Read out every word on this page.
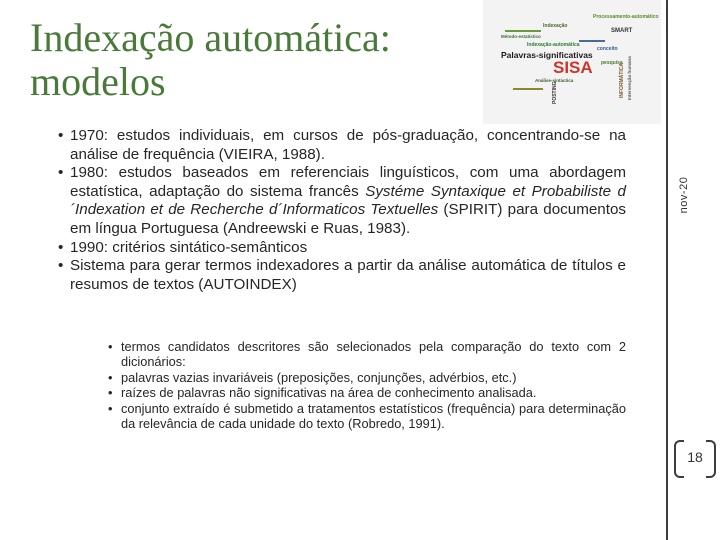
Indexação automática:
modelos
Processamento-automático
Indexação
SMART
Palavras-significativas
SISA
Indexação-automática
Análise-sintáctica
POSTING
Método-estatístico
conceito
pesquisa Intervenção humana
INFORMÁTICA
nov-20
18
• 1970: estudos individuais, em cursos de pós-graduação, concentrando-se na análise de frequência (VIEIRA, 1988).
• 1980: estudos baseados em referenciais linguísticos, com uma abordagem estatística, adaptação do sistema francês Systéme Syntaxique et Probabiliste d´Indexation et de Recherche d´Informaticos Textuelles (SPIRIT) para documentos em língua Portuguesa (Andreewski e Ruas, 1983).
• 1990: critérios sintático-semânticos
• Sistema para gerar termos indexadores a partir da análise automática de títulos e resumos de textos (AUTOINDEX)
• termos candidatos descritores são selecionados pela comparação do texto com 2 dicionários:
• palavras vazias invariáveis (preposições, conjunções, advérbios, etc.)
• raízes de palavras não significativas na área de conhecimento analisada.
• conjunto extraído é submetido a tratamentos estatísticos (frequência) para determinação da relevância de cada unidade do texto (Robredo, 1991).
